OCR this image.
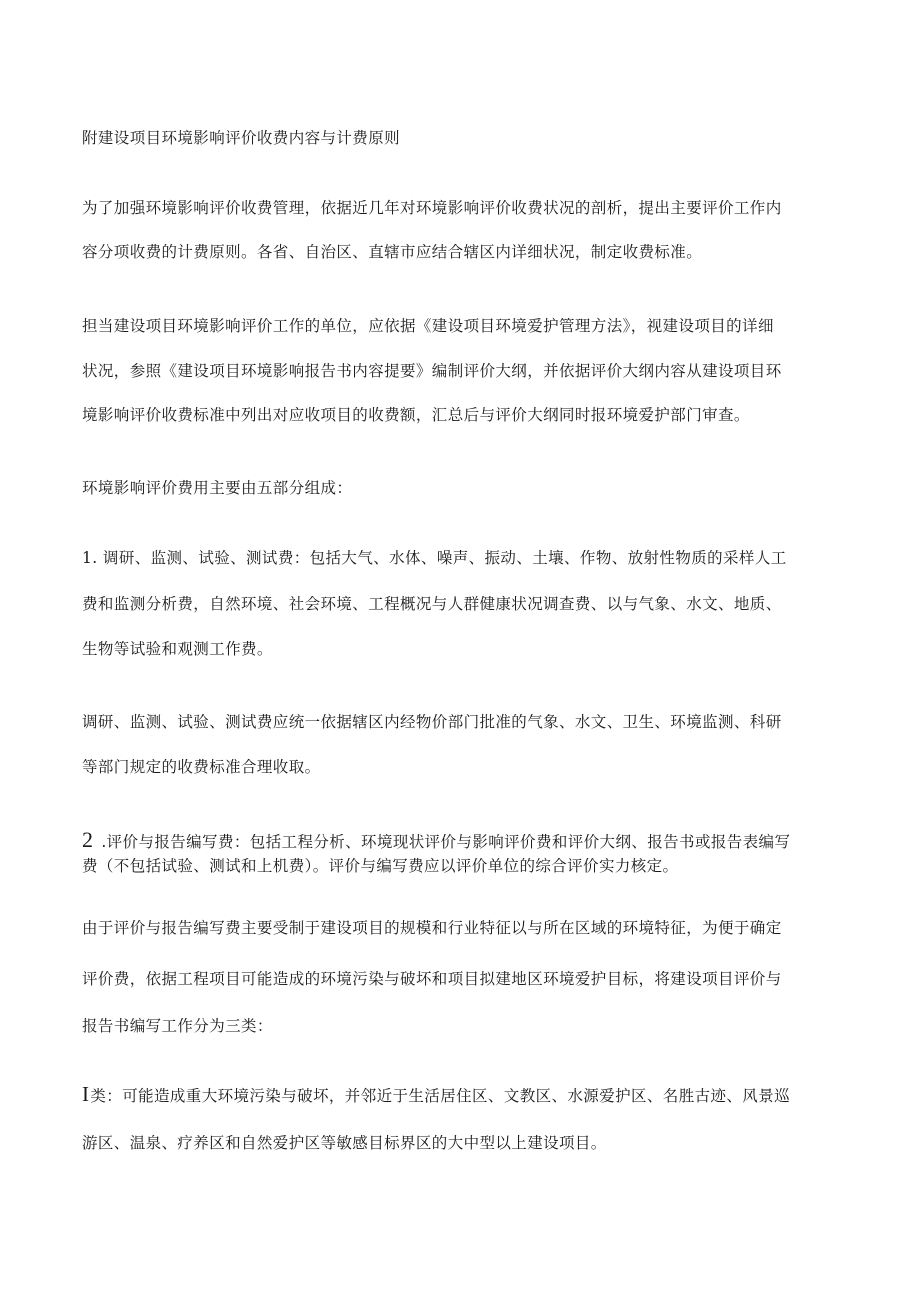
附建设项目环境影响评价收费内容与计费原则
为了加强环境影响评价收费管理，依据近几年对环境影响评价收费状况的剖析，提出主要评价工作内
容分项收费的计费原则。各省、自治区、直辖市应结合辖区内详细状况，制定收费标准。
担当建设项目环境影响评价工作的单位，应依据《建设项目环境爱护管理方法》，视建设项目的详细
状况，参照《建设项目环境影响报告书内容提要》编制评价大纲，并依据评价大纲内容从建设项目环
境影响评价收费标准中列出对应收项目的收费额，汇总后与评价大纲同时报环境爱护部门审查。
环境影响评价费用主要由五部分组成：
1. 调研、监测、试验、测试费：包括大气、水体、噪声、振动、土壤、作物、放射性物质的采样人工
费和监测分析费，自然环境、社会环境、工程概况与人群健康状况调查费、以与气象、水文、地质、
生物等试验和观测工作费。
调研、监测、试验、测试费应统一依据辖区内经物价部门批准的气象、水文、卫生、环境监测、科研
等部门规定的收费标准合理收取。
2 .评价与报告编写费：包括工程分析、环境现状评价与影响评价费和评价大纲、报告书或报告表编写
费（不包括试验、测试和上机费）。评价与编写费应以评价单位的综合评价实力核定。
由于评价与报告编写费主要受制于建设项目的规模和行业特征以与所在区域的环境特征，为便于确定
评价费，依据工程项目可能造成的环境污染与破坏和项目拟建地区环境爱护目标，将建设项目评价与
报告书编写工作分为三类：
I类：可能造成重大环境污染与破坏，并邻近于生活居住区、文教区、水源爱护区、名胜古迹、风景巡
游区、温泉、疗养区和自然爱护区等敏感目标界区的大中型以上建设项目。
